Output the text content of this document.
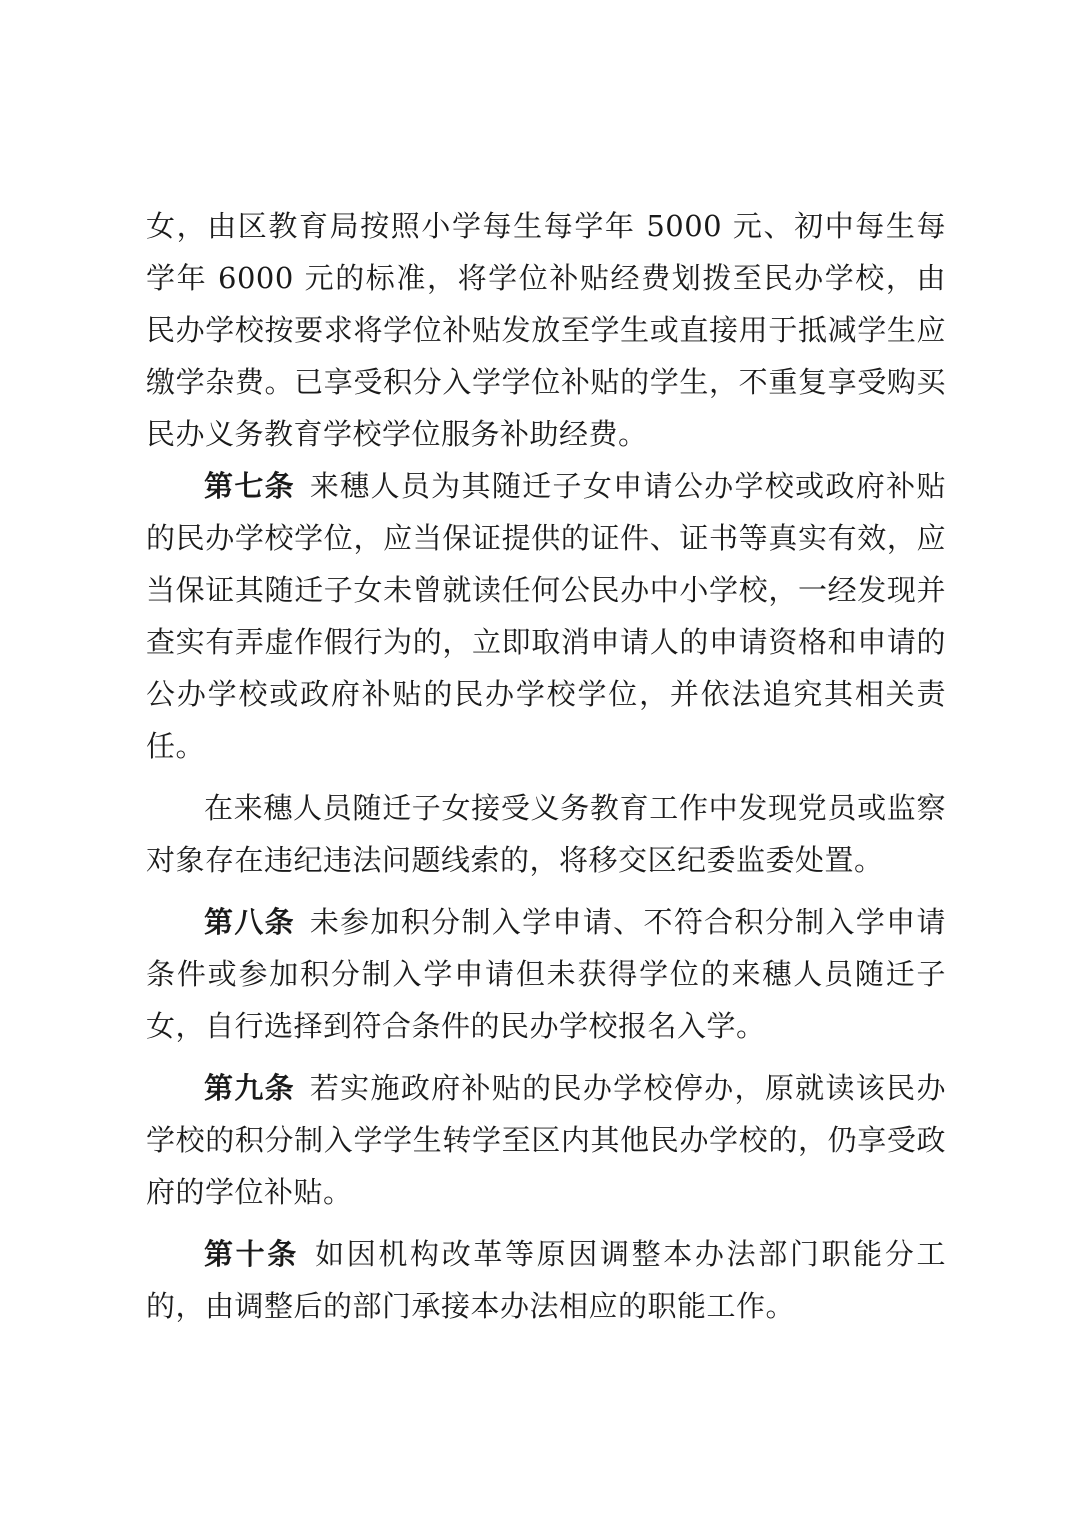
女，由区教育局按照小学每生每学年 5000 元、初中每生每学年 6000 元的标准，将学位补贴经费划拨至民办学校，由民办学校按要求将学位补贴发放至学生或直接用于抵减学生应缴学杂费。已享受积分入学学位补贴的学生，不重复享受购买民办义务教育学校学位服务补助经费。

第七条 来穗人员为其随迁子女申请公办学校或政府补贴的民办学校学位，应当保证提供的证件、证书等真实有效，应当保证其随迁子女未曾就读任何公民办中小学校，一经发现并查实有弄虚作假行为的，立即取消申请人的申请资格和申请的公办学校或政府补贴的民办学校学位，并依法追究其相关责任。

在来穗人员随迁子女接受义务教育工作中发现党员或监察对象存在违纪违法问题线索的，将移交区纪委监委处置。

第八条 未参加积分制入学申请、不符合积分制入学申请条件或参加积分制入学申请但未获得学位的来穗人员随迁子女，自行选择到符合条件的民办学校报名入学。

第九条 若实施政府补贴的民办学校停办，原就读该民办学校的积分制入学学生转学至区内其他民办学校的，仍享受政府的学位补贴。

第十条 如因机构改革等原因调整本办法部门职能分工的，由调整后的部门承接本办法相应的职能工作。
